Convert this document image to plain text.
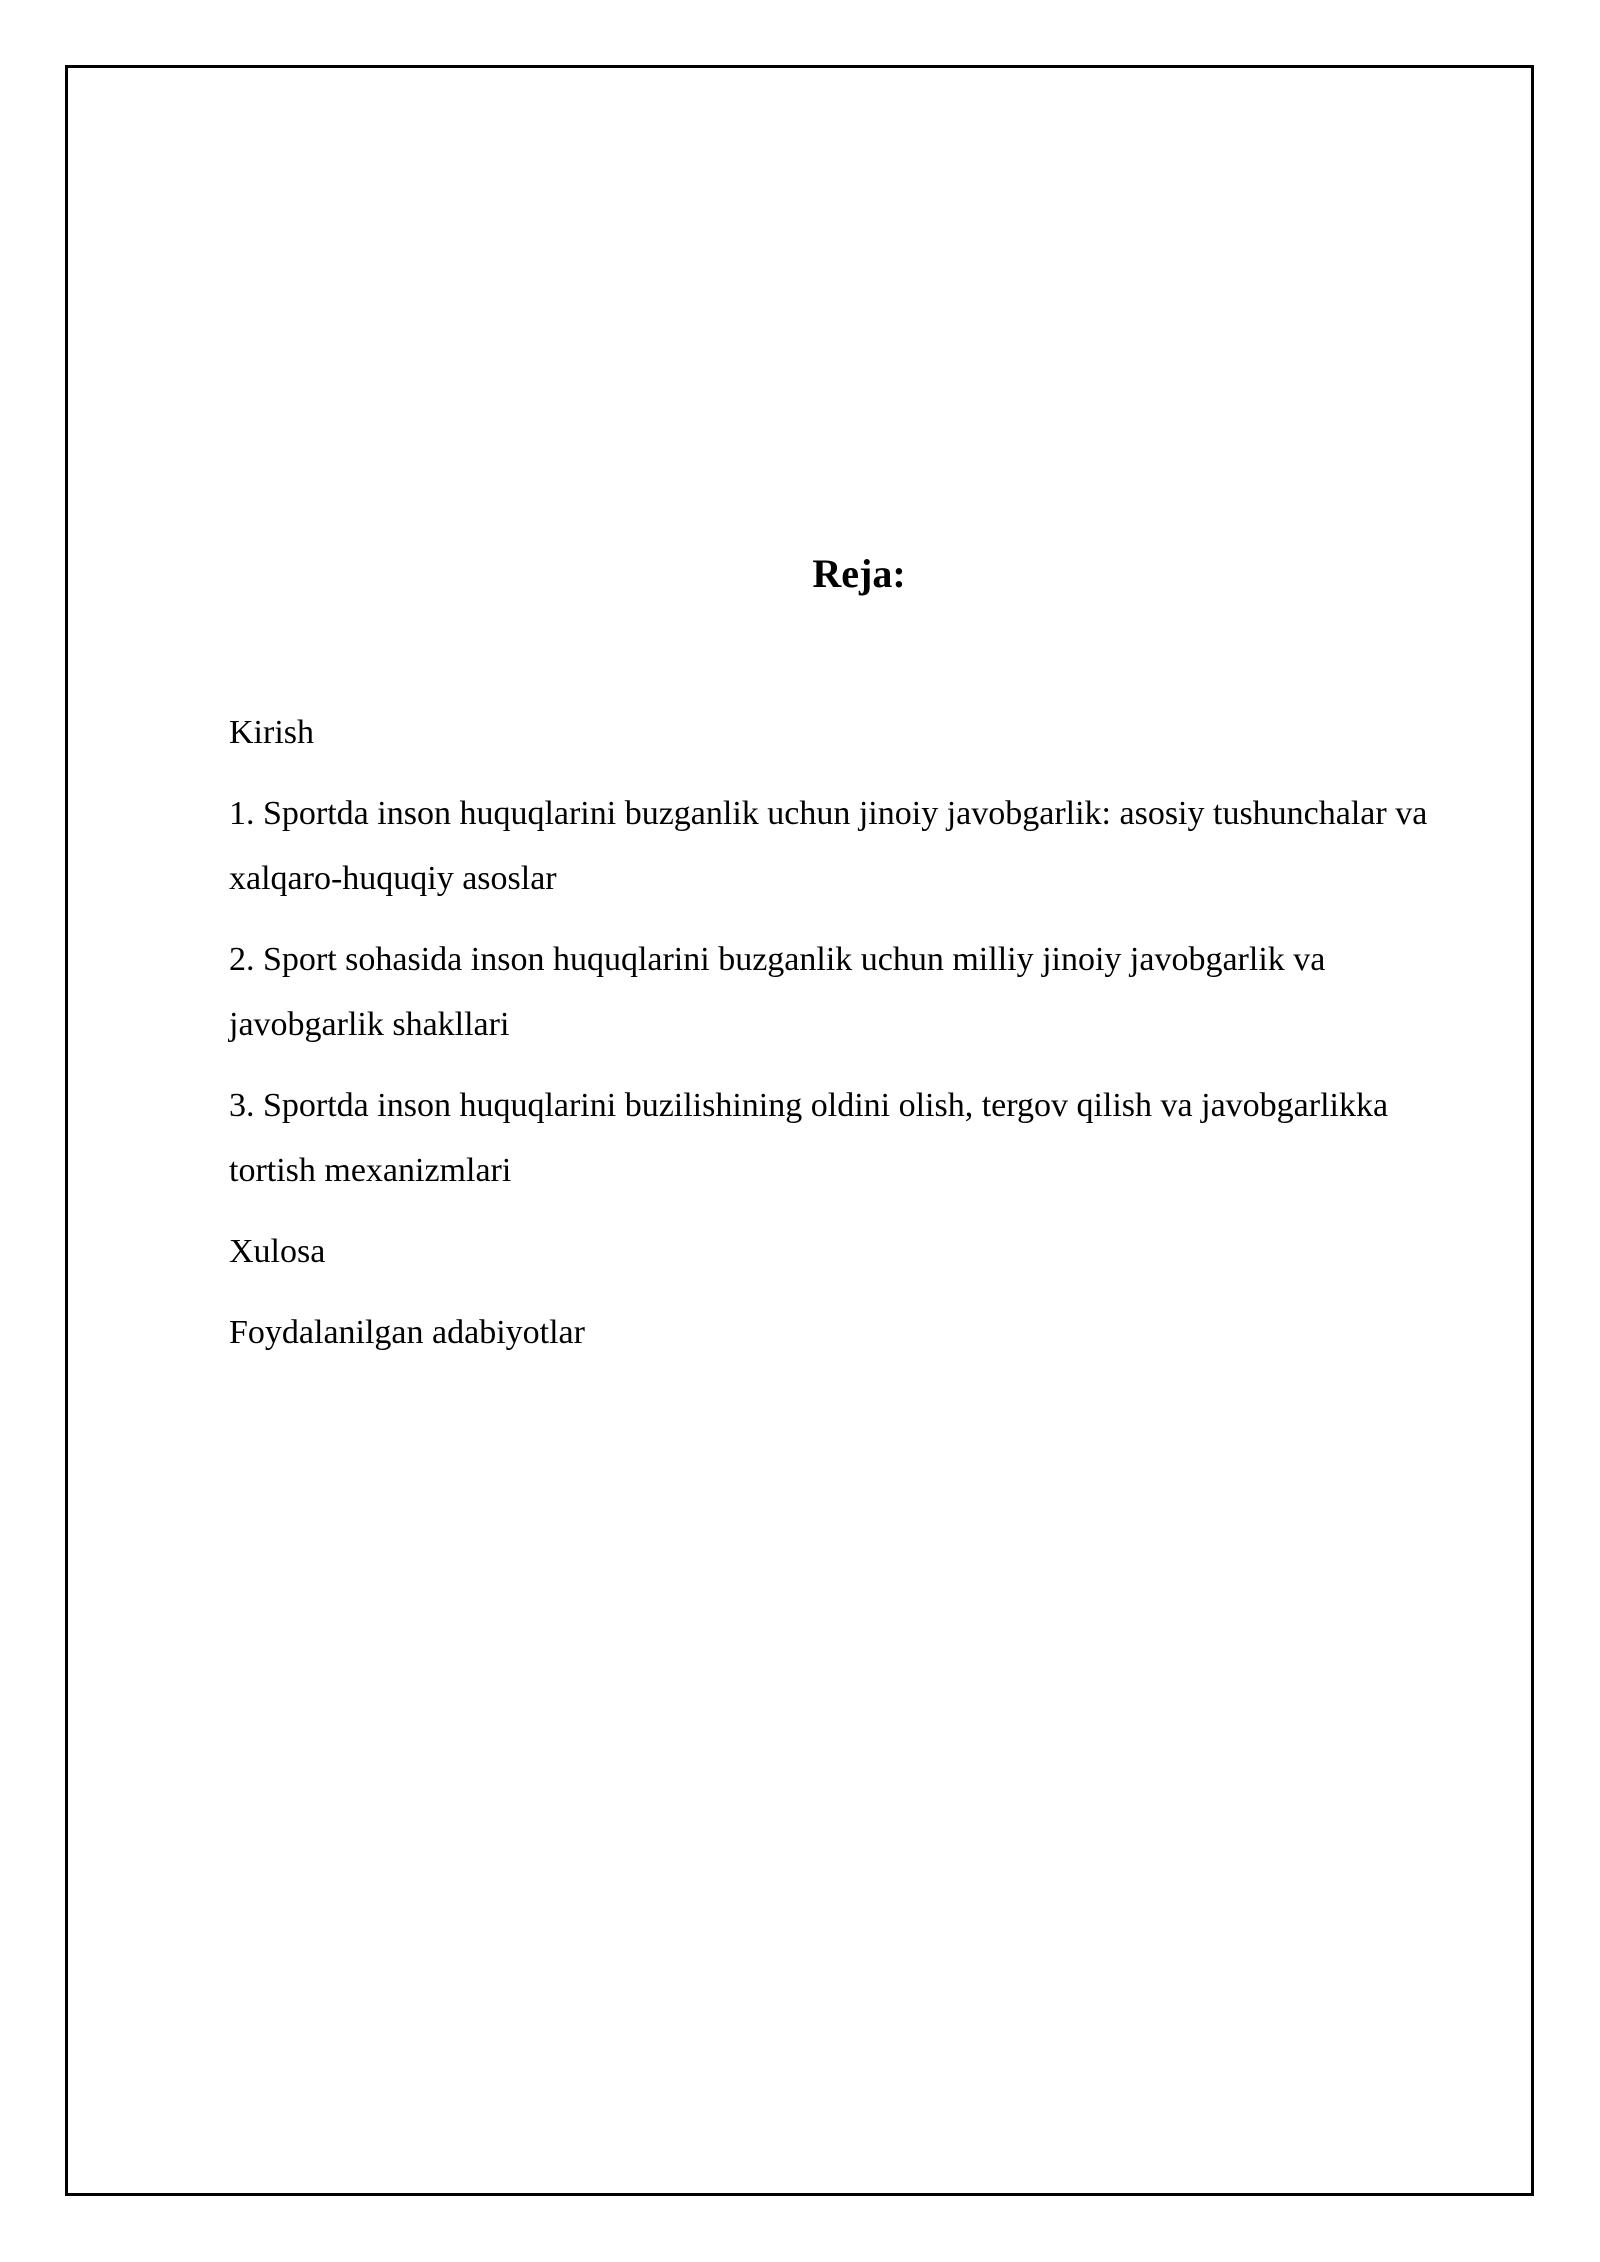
Reja:
Kirish
1. Sportda inson huquqlarini buzganlik uchun jinoiy javobgarlik: asosiy tushunchalar va xalqaro-huquqiy asoslar
2. Sport sohasida inson huquqlarini buzganlik uchun milliy jinoiy javobgarlik va javobgarlik shakllari
3. Sportda inson huquqlarini buzilishining oldini olish, tergov qilish va javobgarlikka tortish mexanizmlari
Xulosa
Foydalanilgan adabiyotlar
